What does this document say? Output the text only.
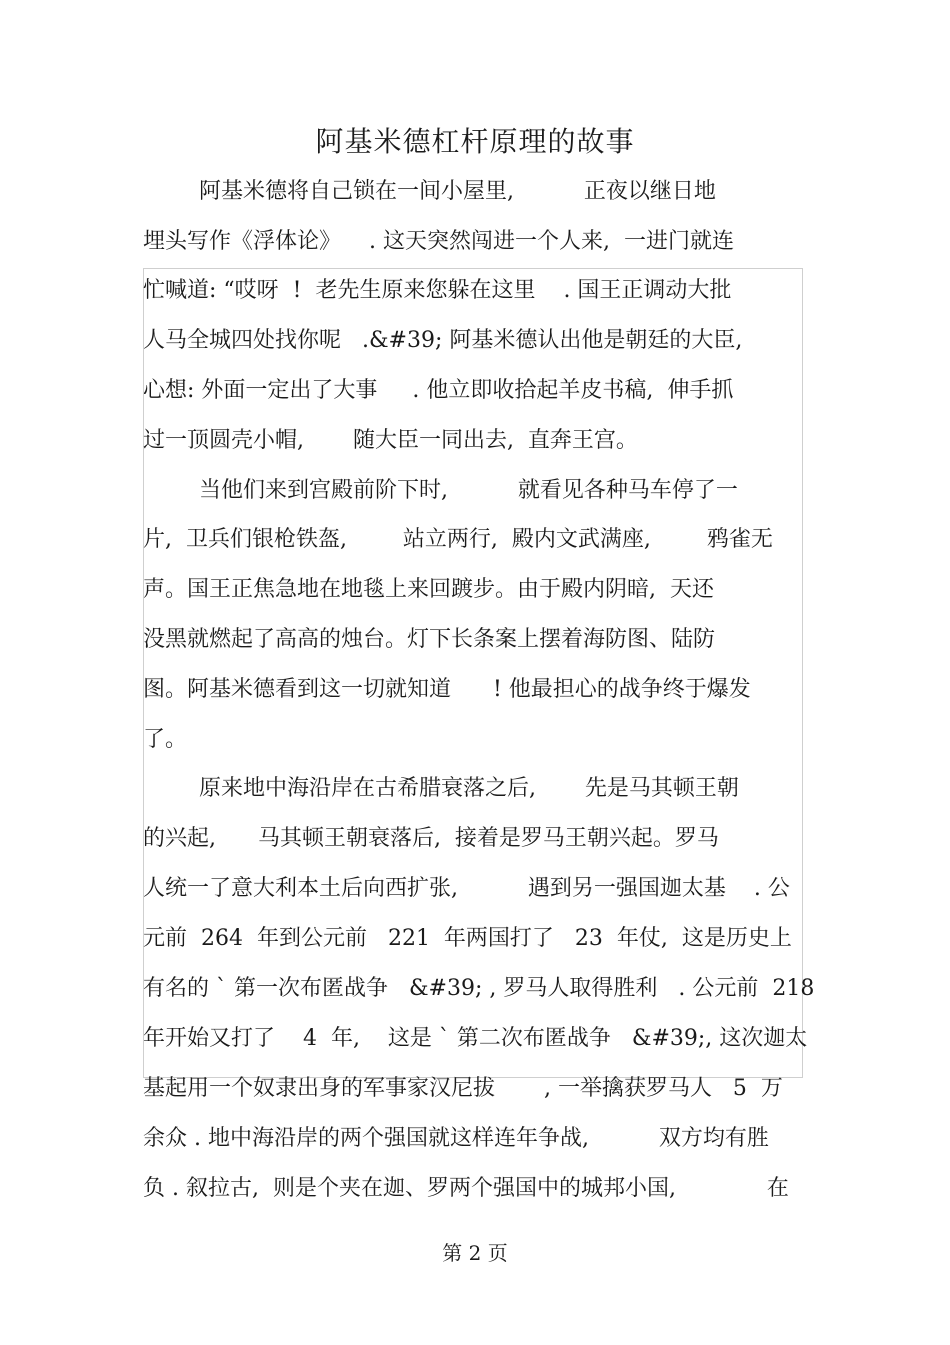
阿基米德杠杆原理的故事
阿基米德将自己锁在一间小屋里,          正夜以继日地
埋头写作《浮体论》    . 这天突然闯进一个人来,  一进门就连
忙喊道: “哎呀  !  老先生原来您躲在这里    . 国王正调动大批
人马全城四处找你呢   .&#39; 阿基米德认出他是朝廷的大臣,
心想: 外面一定出了大事     . 他立即收拾起羊皮书稿,  伸手抓
过一顶圆壳小帽,       随大臣一同出去,  直奔王宫。
当他们来到宫殿前阶下时,          就看见各种马车停了一
片,  卫兵们银枪铁盔,        站立两行,  殿内文武满座,        鸦雀无
声。国王正焦急地在地毯上来回踱步。由于殿内阴暗,  天还
没黑就燃起了高高的烛台。灯下长条案上摆着海防图、陆防
图。阿基米德看到这一切就知道      ! 他最担心的战争终于爆发
了。
原来地中海沿岸在古希腊衰落之后,       先是马其顿王朝
的兴起,      马其顿王朝衰落后,  接着是罗马王朝兴起。罗马
人统一了意大利本土后向西扩张,          遇到另一强国迦太基    . 公
元前  264  年到公元前   221  年两国打了   23  年仗,  这是历史上
有名的 ` 第一次布匿战争   &#39; , 罗马人取得胜利   . 公元前  218
年开始又打了    4  年,    这是 ` 第二次布匿战争   &#39;, 这次迦太
基起用一个奴隶出身的军事家汉尼拔       , 一举擒获罗马人   5  万
余众 . 地中海沿岸的两个强国就这样连年争战,          双方均有胜
负 . 叙拉古,  则是个夹在迦、罗两个强国中的城邦小国,             在
第 2 页
